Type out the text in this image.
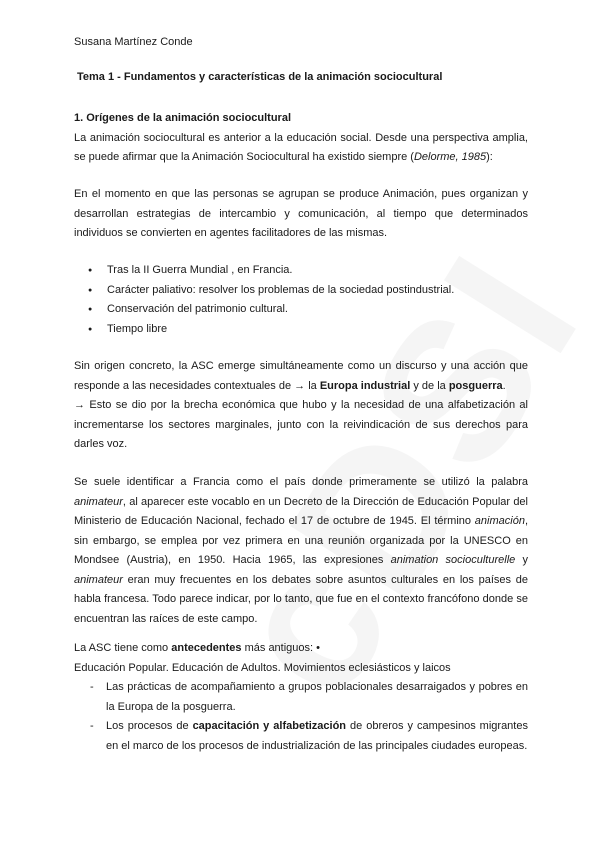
Susana Martínez Conde
Tema 1 - Fundamentos y características de la animación sociocultural
1. Orígenes de la animación sociocultural

La animación sociocultural es anterior a la educación social. Desde una perspectiva amplia, se puede afirmar que la Animación Sociocultural ha existido siempre (Delorme, 1985):

En el momento en que las personas se agrupan se produce Animación, pues organizan y desarrollan estrategias de intercambio y comunicación, al tiempo que determinados individuos se convierten en agentes facilitadores de las mismas.

● Tras la II Guerra Mundial , en Francia.
● Carácter paliativo: resolver los problemas de la sociedad postindustrial.
● Conservación del patrimonio cultural.
● Tiempo libre

Sin origen concreto, la ASC emerge simultáneamente como un discurso y una acción que responde a las necesidades contextuales de → la Europa industrial y de la posguerra.

→ Esto se dio por la brecha económica que hubo y la necesidad de una alfabetización al incrementarse los sectores marginales, junto con la reivindicación de sus derechos para darles voz.

Se suele identificar a Francia como el país donde primeramente se utilizó la palabra animateur, al aparecer este vocablo en un Decreto de la Dirección de Educación Popular del Ministerio de Educación Nacional, fechado el 17 de octubre de 1945. El término animación, sin embargo, se emplea por vez primera en una reunión organizada por la UNESCO en Mondsee (Austria), en 1950. Hacia 1965, las expresiones animation socioculturelle y animateur eran muy frecuentes en los debates sobre asuntos culturales en los países de habla francesa. Todo parece indicar, por lo tanto, que fue en el contexto francófono donde se encuentran las raíces de este campo.

La ASC tiene como antecedentes más antiguos: •

Educación Popular. Educación de Adultos. Movimientos eclesiásticos y laicos

- Las prácticas de acompañamiento a grupos poblacionales desarraigados y pobres en la Europa de la posguerra.
- Los procesos de capacitación y alfabetización de obreros y campesinos migrantes en el marco de los procesos de industrialización de las principales ciudades europeas.
